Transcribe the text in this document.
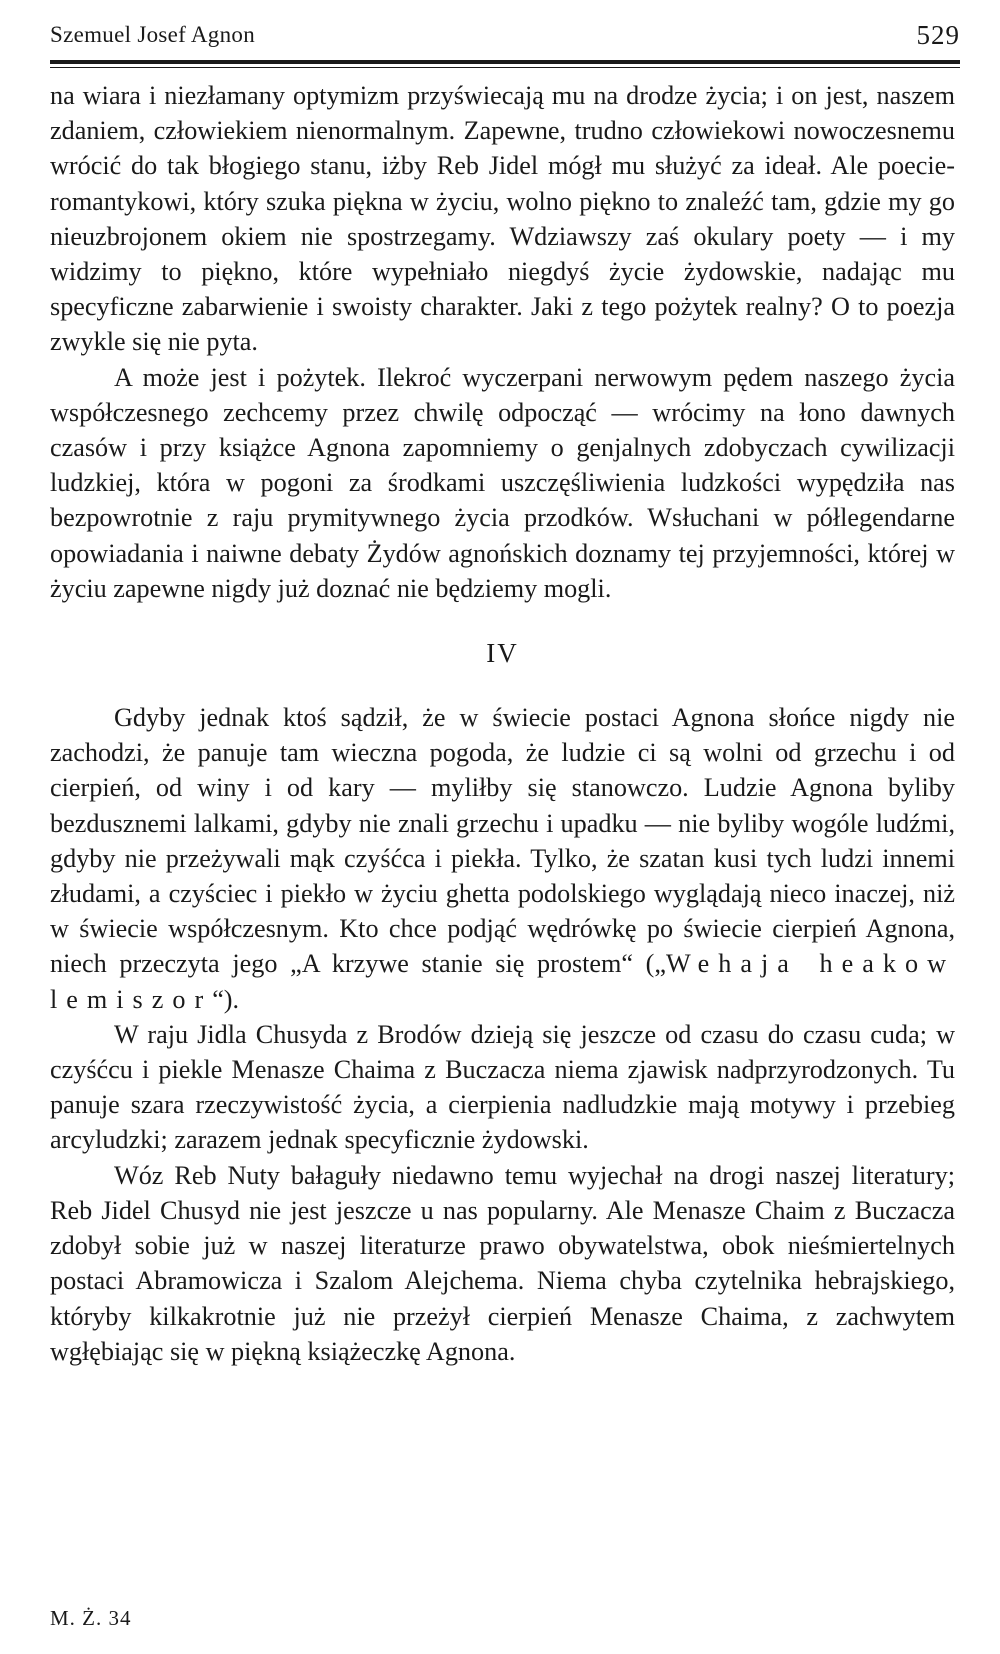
Szemuel Josef Agnon	529

na wiara i niezłamany optymizm przyświecają mu na drodze życia; i on jest, naszem zdaniem, człowiekiem nienormalnym. Zapewne, trudno człowiekowi nowoczesnemu wrócić do tak błogiego stanu, iżby Reb Jidel mógł mu służyć za ideał. Ale poecie-romantykowi, który szuka piękna w życiu, wolno piękno to znaleźć tam, gdzie my go nieuzbrojonem okiem nie spostrzegamy. Wdziawszy zaś okulary poety — i my widzimy to piękno, które wypełniało niegdyś życie żydowskie, nadając mu specyficzne zabarwienie i swoisty charakter. Jaki z tego pożytek realny? O to poezja zwykle się nie pyta.

A może jest i pożytek. Ilekroć wyczerpani nerwowym pędem naszego życia współczesnego zechcemy przez chwilę odpocząć — wrócimy na łono dawnych czasów i przy książce Agnona zapomniemy o genjalnych zdobyczach cywilizacji ludzkiej, która w pogoni za środkami uszczęśliwienia ludzkości wypędziła nas bezpowrotnie z raju prymitywnego życia przodków. Wsłuchani w półlegendarne opowiadania i naiwne debaty Żydów agnońskich doznamy tej przyjemności, której w życiu zapewne nigdy już doznać nie będziemy mogli.

IV

Gdyby jednak ktoś sądził, że w świecie postaci Agnona słońce nigdy nie zachodzi, że panuje tam wieczna pogoda, że ludzie ci są wolni od grzechu i od cierpień, od winy i od kary — myliłby się stanowczo. Ludzie Agnona byliby bezdusznemi lalkami, gdyby nie znali grzechu i upadku — nie byliby wogóle ludźmi, gdyby nie przeżywali mąk czyśćca i piekła. Tylko, że szatan kusi tych ludzi innemi złudami, a czyściec i piekło w życiu ghetta podolskiego wyglądają nieco inaczej, niż w świecie współczesnym. Kto chce podjąć wędrówkę po świecie cierpień Agnona, niech przeczyta jego „A krzywe stanie się prostem“ („Wehaja heakow lemiszor“).

W raju Jidla Chusyda z Brodów dzieją się jeszcze od czasu do czasu cuda; w czyśćcu i piekle Menasze Chaima z Buczacza niema zjawisk nadprzyrodzonych. Tu panuje szara rzeczywistość życia, a cierpienia nadludzkie mają motywy i przebieg arcyludzki; zarazem jednak specyficznie żydowski.

Wóz Reb Nuty bałaguły niedawno temu wyjechał na drogi naszej literatury; Reb Jidel Chusyd nie jest jeszcze u nas popularny. Ale Menasze Chaim z Buczacza zdobył sobie już w naszej literaturze prawo obywatelstwa, obok nieśmiertelnych postaci Abramowicza i Szalom Alejchema. Niema chyba czytelnika hebrajskiego, któryby kilkakrotnie już nie przeżył cierpień Menasze Chaima, z zachwytem wgłębiając się w piękną książeczkę Agnona.

M. Ż. 34
